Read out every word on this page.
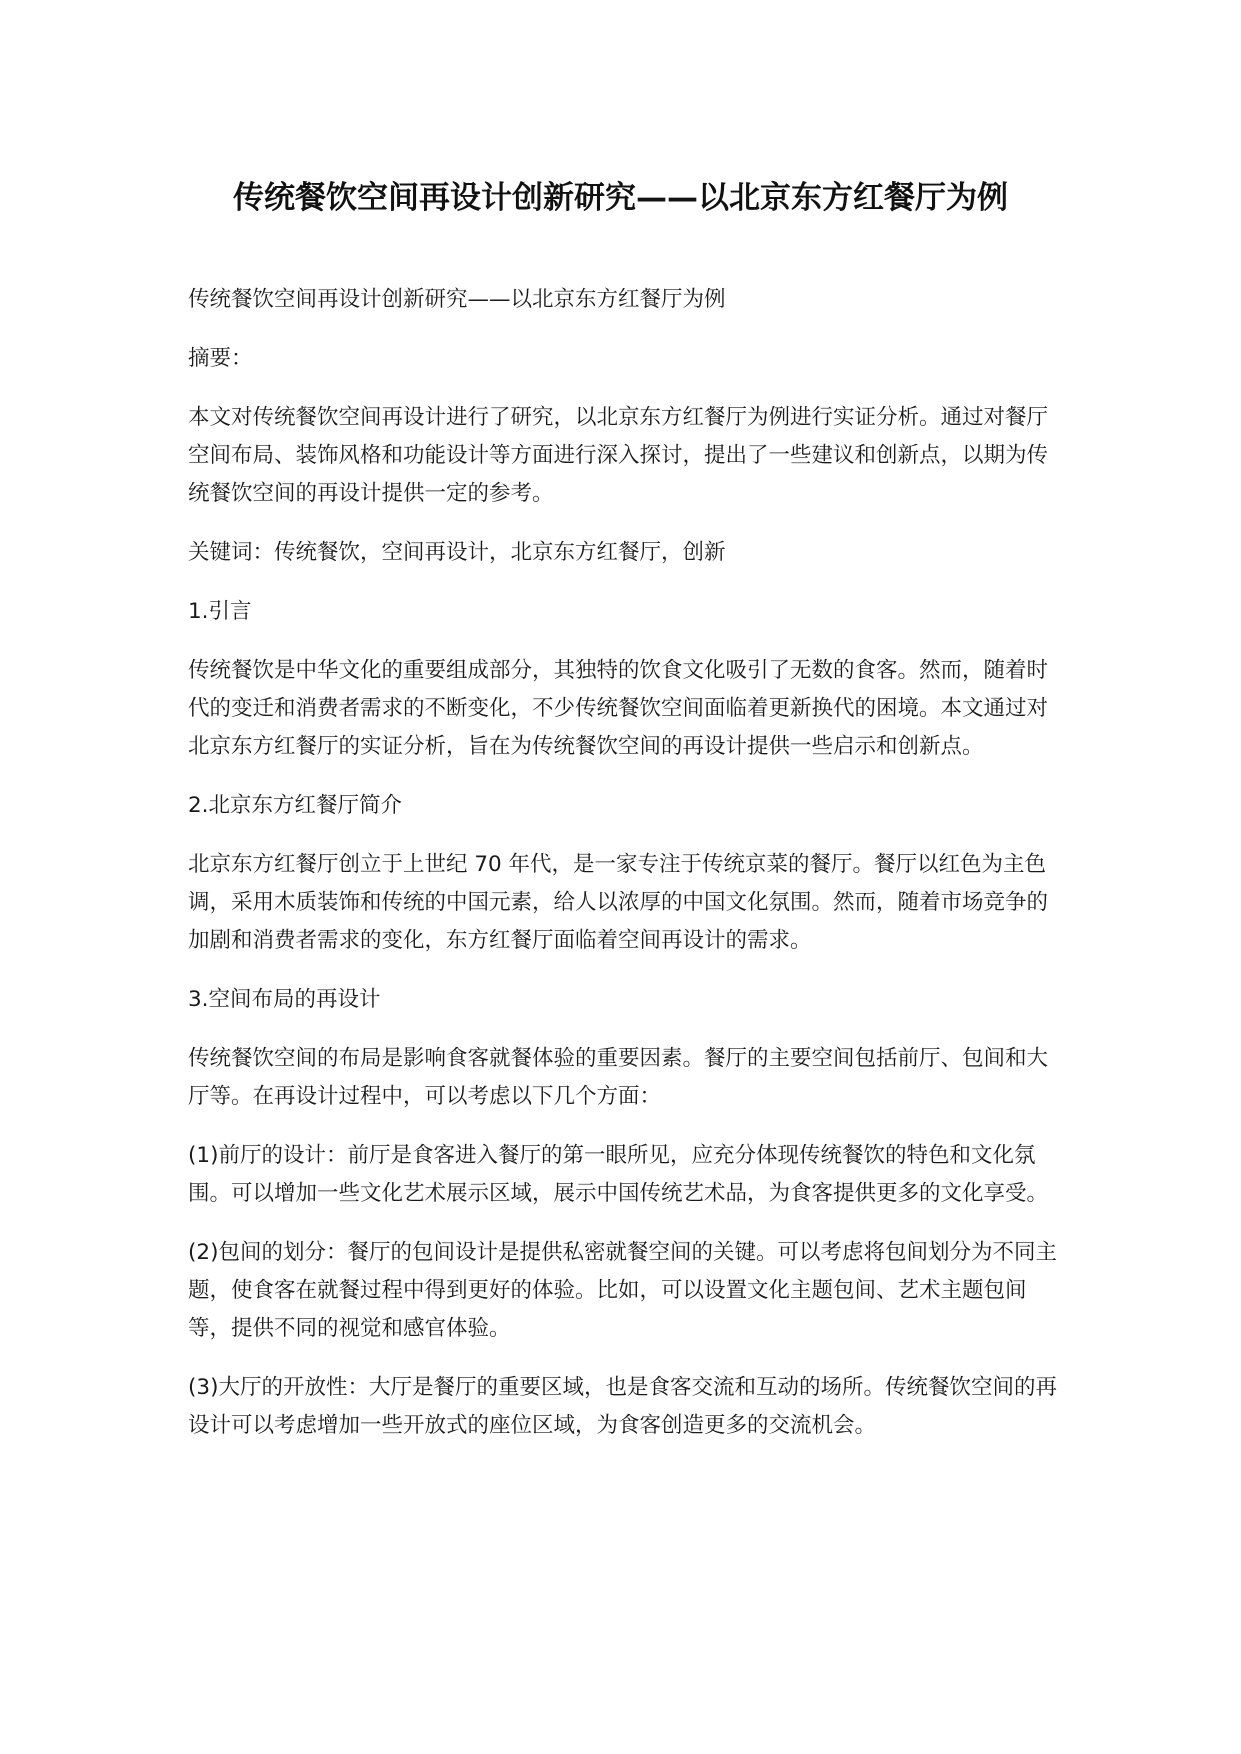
传统餐饮空间再设计创新研究——以北京东方红餐厅为例

传统餐饮空间再设计创新研究——以北京东方红餐厅为例

摘要：

本文对传统餐饮空间再设计进行了研究，以北京东方红餐厅为例进行实证分析。通过对餐厅空间布局、装饰风格和功能设计等方面进行深入探讨，提出了一些建议和创新点，以期为传统餐饮空间的再设计提供一定的参考。

关键词：传统餐饮，空间再设计，北京东方红餐厅，创新

1.引言

传统餐饮是中华文化的重要组成部分，其独特的饮食文化吸引了无数的食客。然而，随着时代的变迁和消费者需求的不断变化，不少传统餐饮空间面临着更新换代的困境。本文通过对北京东方红餐厅的实证分析，旨在为传统餐饮空间的再设计提供一些启示和创新点。

2.北京东方红餐厅简介

北京东方红餐厅创立于上世纪 70 年代，是一家专注于传统京菜的餐厅。餐厅以红色为主色调，采用木质装饰和传统的中国元素，给人以浓厚的中国文化氛围。然而，随着市场竞争的加剧和消费者需求的变化，东方红餐厅面临着空间再设计的需求。

3.空间布局的再设计

传统餐饮空间的布局是影响食客就餐体验的重要因素。餐厅的主要空间包括前厅、包间和大厅等。在再设计过程中，可以考虑以下几个方面：

(1)前厅的设计：前厅是食客进入餐厅的第一眼所见，应充分体现传统餐饮的特色和文化氛围。可以增加一些文化艺术展示区域，展示中国传统艺术品，为食客提供更多的文化享受。

(2)包间的划分：餐厅的包间设计是提供私密就餐空间的关键。可以考虑将包间划分为不同主题，使食客在就餐过程中得到更好的体验。比如，可以设置文化主题包间、艺术主题包间等，提供不同的视觉和感官体验。

(3)大厅的开放性：大厅是餐厅的重要区域，也是食客交流和互动的场所。传统餐饮空间的再设计可以考虑增加一些开放式的座位区域，为食客创造更多的交流机会。
